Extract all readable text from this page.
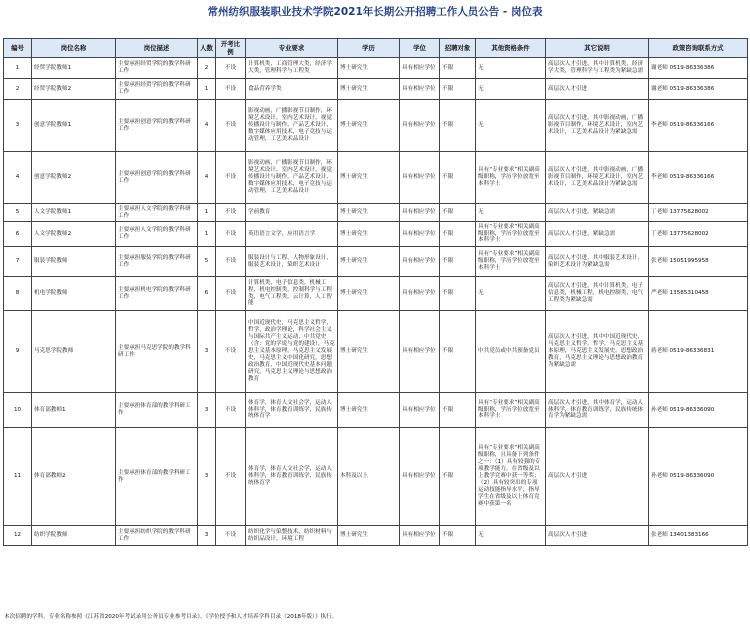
常州纺织服装职业技术学院2021年长期公开招聘工作人员公告 - 岗位表
编号	岗位名称	岗位描述	人数	开考比例	专业要求	学历	学位	招聘对象	其他资格条件	其它说明	政策咨询联系方式
1	经贸学院教师1	主要承担经贸学院的教学科研工作	2	不设	计算机类，工商管理大类，经济学大类，管理科学与工程类	博士研究生	具有相应学位	不限	无	高层次人才引进，其中计算机类，经济学大类，管理科学与工程类为紧缺急需	谢老师 0519-86336386
2	经贸学院教师2	主要承担经贸学院的教学科研工作	1	不设	食品营养学类	博士研究生	具有相应学位	不限	无	高层次人才引进	谢老师 0519-86336386
3	创意学院教师1	主要承担创意学院的教学科研工作	4	不设	影视动画，广播影视节目制作，环境艺术设计，室内艺术设计，视觉传播设计与制作，产品艺术设计，数字媒体应用技术，电子竞技与运动管理，工艺美术品设计	博士研究生	具有相应学位	不限	无	高层次人才引进，其中影视动画，广播影视节目制作，环境艺术设计，室内艺术设计，工艺美术品设计为紧缺急需	李老师 0519-86336166
4	创意学院教师2	主要承担创意学院的教学科研工作	4	不设	影视动画，广播影视节目制作，环境艺术设计，室内艺术设计，视觉传播设计与制作，产品艺术设计，数字媒体应用技术，电子竞技与运动管理，工艺美术品设计	博士研究生	具有相应学位	不限	具有“专业要求”相关副高级职称，学历学位放宽至本科学士	高层次人才引进，其中影视动画，广播影视节目制作，环境艺术设计，室内艺术设计，工艺美术品设计为紧缺急需	李老师 0519-86336166
5	人文学院教师1	主要承担人文学院的教学科研工作	1	不设	学前教育	博士研究生	具有相应学位	不限	无	高层次人才引进，紧缺急需	丁老师 13775628002
6	人文学院教师2	主要承担人文学院的教学科研工作	1	不设	英语语言文学，应用语言学	博士研究生	具有相应学位	不限	具有“专业要求”相关副高级职称，学历学位放宽至本科学士	高层次人才引进，紧缺急需	丁老师 13775628002
7	服装学院教师	主要承担服装学院的教学科研工作	5	不设	服装设计与工程，人物形象设计，服装艺术设计，染织艺术设计	博士研究生	具有相应学位	不限	具有“专业要求”相关副高级职称，学历学位放宽至本科学士	高层次人才引进，其中服装艺术设计，染织艺术设计为紧缺急需	张老师 15051995958
8	机电学院教师	主要承担机电学院的教学科研工作	6	不设	计算机类，电子信息类，机械工程，机电控制类，控制科学与工程类，电气工程类，云计算，人工智能	博士研究生	具有相应学位	不限	无	高层次人才引进，其中计算机类，电子信息类，机械工程，机电控制类，电气工程类为紧缺急需	严老师 13585310458
9	马克思学院教师	主要承担马克思学院的教学科研工作	3	不设	中国近现代史，马克思主义哲学，哲学，政治学理论，科学社会主义与国际共产主义运动，中共党史（含：党的学说与党的建设），马克思主义基本原理，马克思主义发展史，马克思主义中国化研究，思想政治教育，中国近现代史基本问题研究，马克思主义理论与思想政治教育	博士研究生	具有相应学位	不限	中共党员或中共预备党员	高层次人才引进，其中中国近现代史，马克思主义哲学，哲学，马克思主义基本原理，马克思主义发展史，思想政治教育，马克思主义理论与思想政治教育为紧缺急需	蒋老师 0519-86336831
10	体育部教师1	主要承担体育部的教学科研工作	3	不设	体育学，体育人文社会学，运动人体科学，体育教育训练学，民族传统体育学	博士研究生	具有相应学位	不限	具有“专业要求”相关副高级职称，学历学位放宽至本科学士	高层次人才引进，其中体育学，运动人体科学，体育教育训练学，民族传统体育学为紧缺急需	孙老师 0519-86336090
11	体育部教师2	主要承担体育部的教学科研工作	3	不设	体育学，体育人文社会学，运动人体科学，体育教育训练学，民族传统体育学	本科及以上	具有相应学位	不限	具有“专业要求”相关副高级职称，且具备下列条件之一：（1）具有较强的专项教学能力，在省级及以上教学竞赛中获一等奖；（2）具有较突出的专项运动技能指导水平，指导学生在省级及以上体育竞赛中获第一名	高层次人才引进	孙老师 0519-86336090
12	纺织学院教师	主要承担纺织学院的教学科研工作	3	不设	纺织化学与染整技术，纺织材料与纺织品设计，环境工程	博士研究生	具有相应学位	不限	无	高层次人才引进	张老师 13401383166
本次招聘的学科、专业名称参照《江苏省2020年考试录用公务员专业参考目录》、《学位授予和人才培养学科目录（2018年版）》执行。
